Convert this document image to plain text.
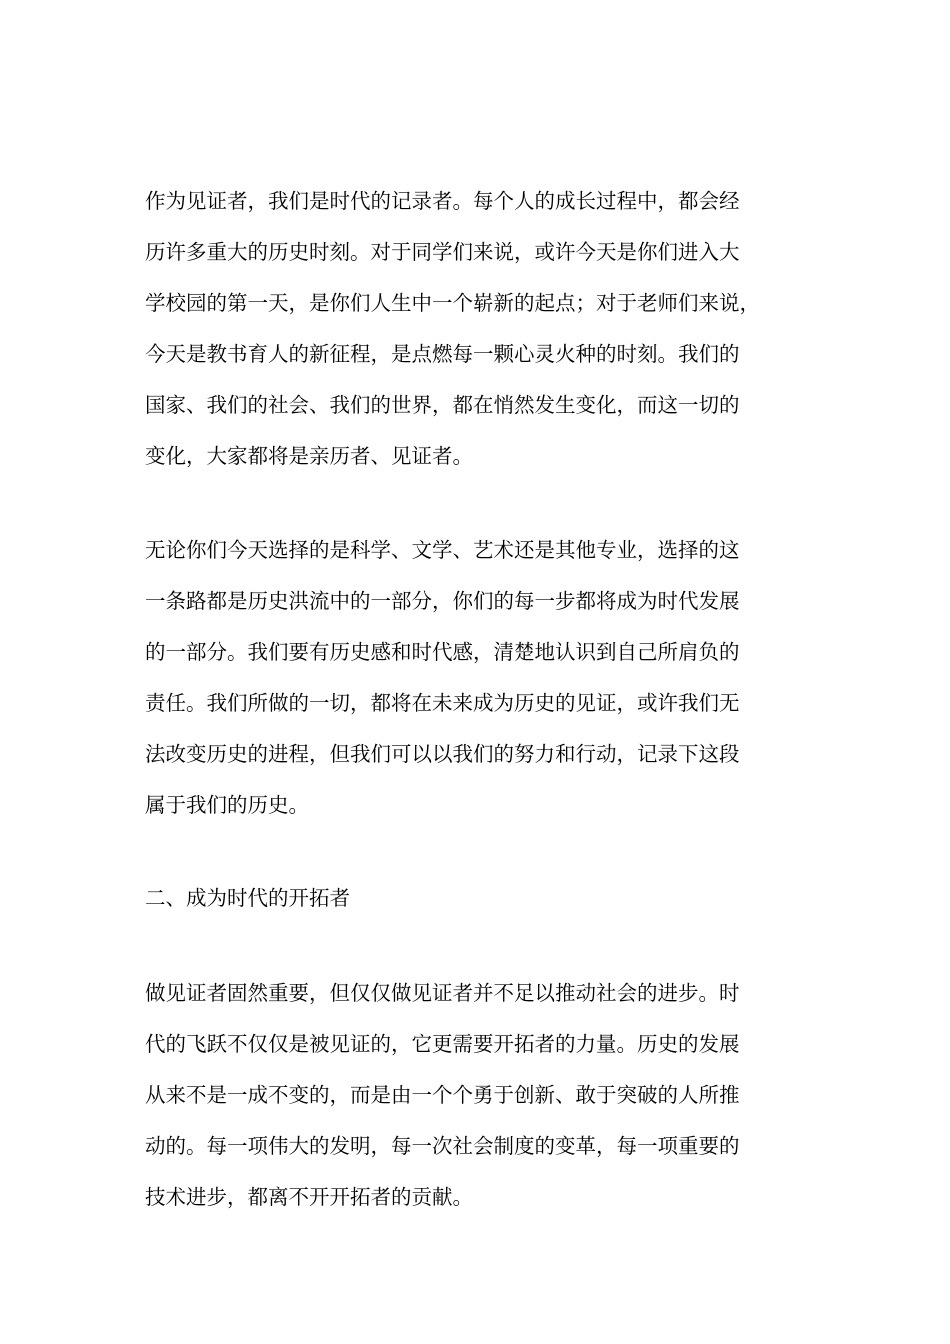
作为见证者，我们是时代的记录者。每个人的成长过程中，都会经
历许多重大的历史时刻。对于同学们来说，或许今天是你们进入大
学校园的第一天，是你们人生中一个崭新的起点；对于老师们来说，
今天是教书育人的新征程，是点燃每一颗心灵火种的时刻。我们的
国家、我们的社会、我们的世界，都在悄然发生变化，而这一切的
变化，大家都将是亲历者、见证者。
无论你们今天选择的是科学、文学、艺术还是其他专业，选择的这
一条路都是历史洪流中的一部分，你们的每一步都将成为时代发展
的一部分。我们要有历史感和时代感，清楚地认识到自己所肩负的
责任。我们所做的一切，都将在未来成为历史的见证，或许我们无
法改变历史的进程，但我们可以以我们的努力和行动，记录下这段
属于我们的历史。
二、成为时代的开拓者
做见证者固然重要，但仅仅做见证者并不足以推动社会的进步。时
代的飞跃不仅仅是被见证的，它更需要开拓者的力量。历史的发展
从来不是一成不变的，而是由一个个勇于创新、敢于突破的人所推
动的。每一项伟大的发明，每一次社会制度的变革，每一项重要的
技术进步，都离不开开拓者的贡献。
